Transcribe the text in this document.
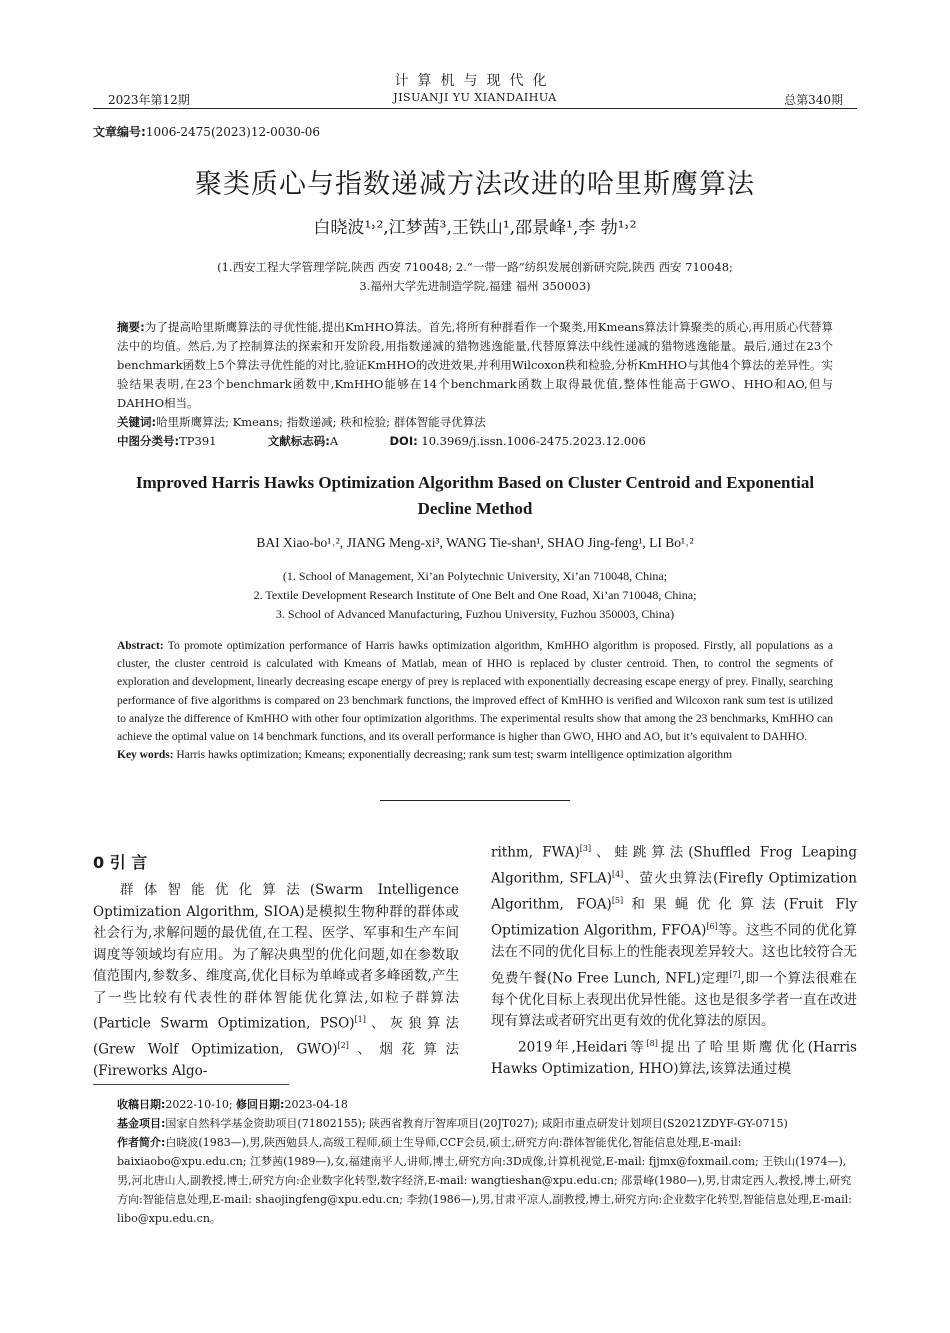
计算机与现代化
2023年第12期	JISUANJI YU XIANDAIHUA	总第340期
文章编号:1006-2475(2023)12-0030-06
聚类质心与指数递减方法改进的哈里斯鹰算法
白晓波¹˒²,江梦茜³,王铁山¹,邵景峰¹,李 勃¹˒²
(1.西安工程大学管理学院,陕西 西安 710048; 2.“一带一路”纺织发展创新研究院,陕西 西安 710048;
3.福州大学先进制造学院,福建 福州 350003)
摘要:为了提高哈里斯鹰算法的寻优性能,提出KmHHO算法。首先,将所有种群看作一个聚类,用Kmeans算法计算聚类的质心,再用质心代替算法中的均值。然后,为了控制算法的探索和开发阶段,用指数递减的猎物逃逸能量,代替原算法中线性递减的猎物逃逸能量。最后,通过在23个benchmark函数上5个算法寻优性能的对比,验证KmHHO的改进效果,并利用Wilcoxon秩和检验,分析KmHHO与其他4个算法的差异性。实验结果表明,在23个benchmark函数中,KmHHO能够在14个benchmark函数上取得最优值,整体性能高于GWO、HHO和AO,但与DAHHO相当。
关键词:哈里斯鹰算法; Kmeans; 指数递减; 秩和检验; 群体智能寻优算法
中图分类号:TP391	文献标志码:A	DOI: 10.3969/j.issn.1006-2475.2023.12.006
Improved Harris Hawks Optimization Algorithm Based on Cluster Centroid and Exponential Decline Method
BAI Xiao-bo¹˒², JIANG Meng-xi³, WANG Tie-shan¹, SHAO Jing-feng¹, LI Bo¹˒²
(1. School of Management, Xi’an Polytechnic University, Xi’an 710048, China;
2. Textile Development Research Institute of One Belt and One Road, Xi’an 710048, China;
3. School of Advanced Manufacturing, Fuzhou University, Fuzhou 350003, China)
Abstract: To promote optimization performance of Harris hawks optimization algorithm, KmHHO algorithm is proposed. Firstly, all populations as a cluster, the cluster centroid is calculated with Kmeans of Matlab, mean of HHO is replaced by cluster centroid. Then, to control the segments of exploration and development, linearly decreasing escape energy of prey is replaced with exponentially decreasing escape energy of prey. Finally, searching performance of five algorithms is compared on 23 benchmark functions, the improved effect of KmHHO is verified and Wilcoxon rank sum test is utilized to analyze the difference of KmHHO with other four optimization algorithms. The experimental results show that among the 23 benchmarks, KmHHO can achieve the optimal value on 14 benchmark functions, and its overall performance is higher than GWO, HHO and AO, but it’s equivalent to DAHHO.
Key words: Harris hawks optimization; Kmeans; exponentially decreasing; rank sum test; swarm intelligence optimization algorithm
0 引 言
群体智能优化算法(Swarm Intelligence Optimization Algorithm, SIOA)是模拟生物种群的群体或社会行为,求解问题的最优值,在工程、医学、军事和生产车间调度等领域均有应用。为了解决典型的优化问题,如在参数取值范围内,参数多、维度高,优化目标为单峰或者多峰函数,产生了一些比较有代表性的群体智能优化算法,如粒子群算法(Particle Swarm Optimization, PSO)[1]、灰狼算法(Grew Wolf Optimization, GWO)[2]、烟花算法(Fireworks Algo-

rithm, FWA)[3]、蛙跳算法(Shuffled Frog Leaping Algorithm, SFLA)[4]、萤火虫算法(Firefly Optimization Algorithm, FOA)[5]和果蝇优化算法(Fruit Fly Optimization Algorithm, FFOA)[6]等。这些不同的优化算法在不同的优化目标上的性能表现差异较大。这也比较符合无免费午餐(No Free Lunch, NFL)定理[7],即一个算法很难在每个优化目标上表现出优异性能。这也是很多学者一直在改进现有算法或者研究出更有效的优化算法的原因。

2019年,Heidari等[8]提出了哈里斯鹰优化(Harris Hawks Optimization, HHO)算法,该算法通过模

收稿日期:2022-10-10; 修回日期:2023-04-18

基金项目:国家自然科学基金资助项目(71802155); 陕西省教育厅智库项目(20JT027); 咸阳市重点研发计划项目(S2021ZDYF-GY-0715)

作者简介:白晓波(1983—),男,陕西勉县人,高级工程师,硕士生导师,CCF会员,硕士,研究方向:群体智能优化,智能信息处理,E-mail: baixiaobo@xpu.edu.cn; 江梦茜(1989—),女,福建南平人,讲师,博士,研究方向:3D成像,计算机视觉,E-mail: fjjmx@foxmail.com; 王铁山(1974—),男,河北唐山人,副教授,博士,研究方向:企业数字化转型,数字经济,E-mail: wangtieshan@xpu.edu.cn; 邵景峰(1980—),男,甘肃定西人,教授,博士,研究方向:智能信息处理,E-mail: shaojingfeng@xpu.edu.cn; 李勃(1986—),男,甘肃平凉人,副教授,博士,研究方向:企业数字化转型,智能信息处理,E-mail: libo@xpu.edu.cn。
